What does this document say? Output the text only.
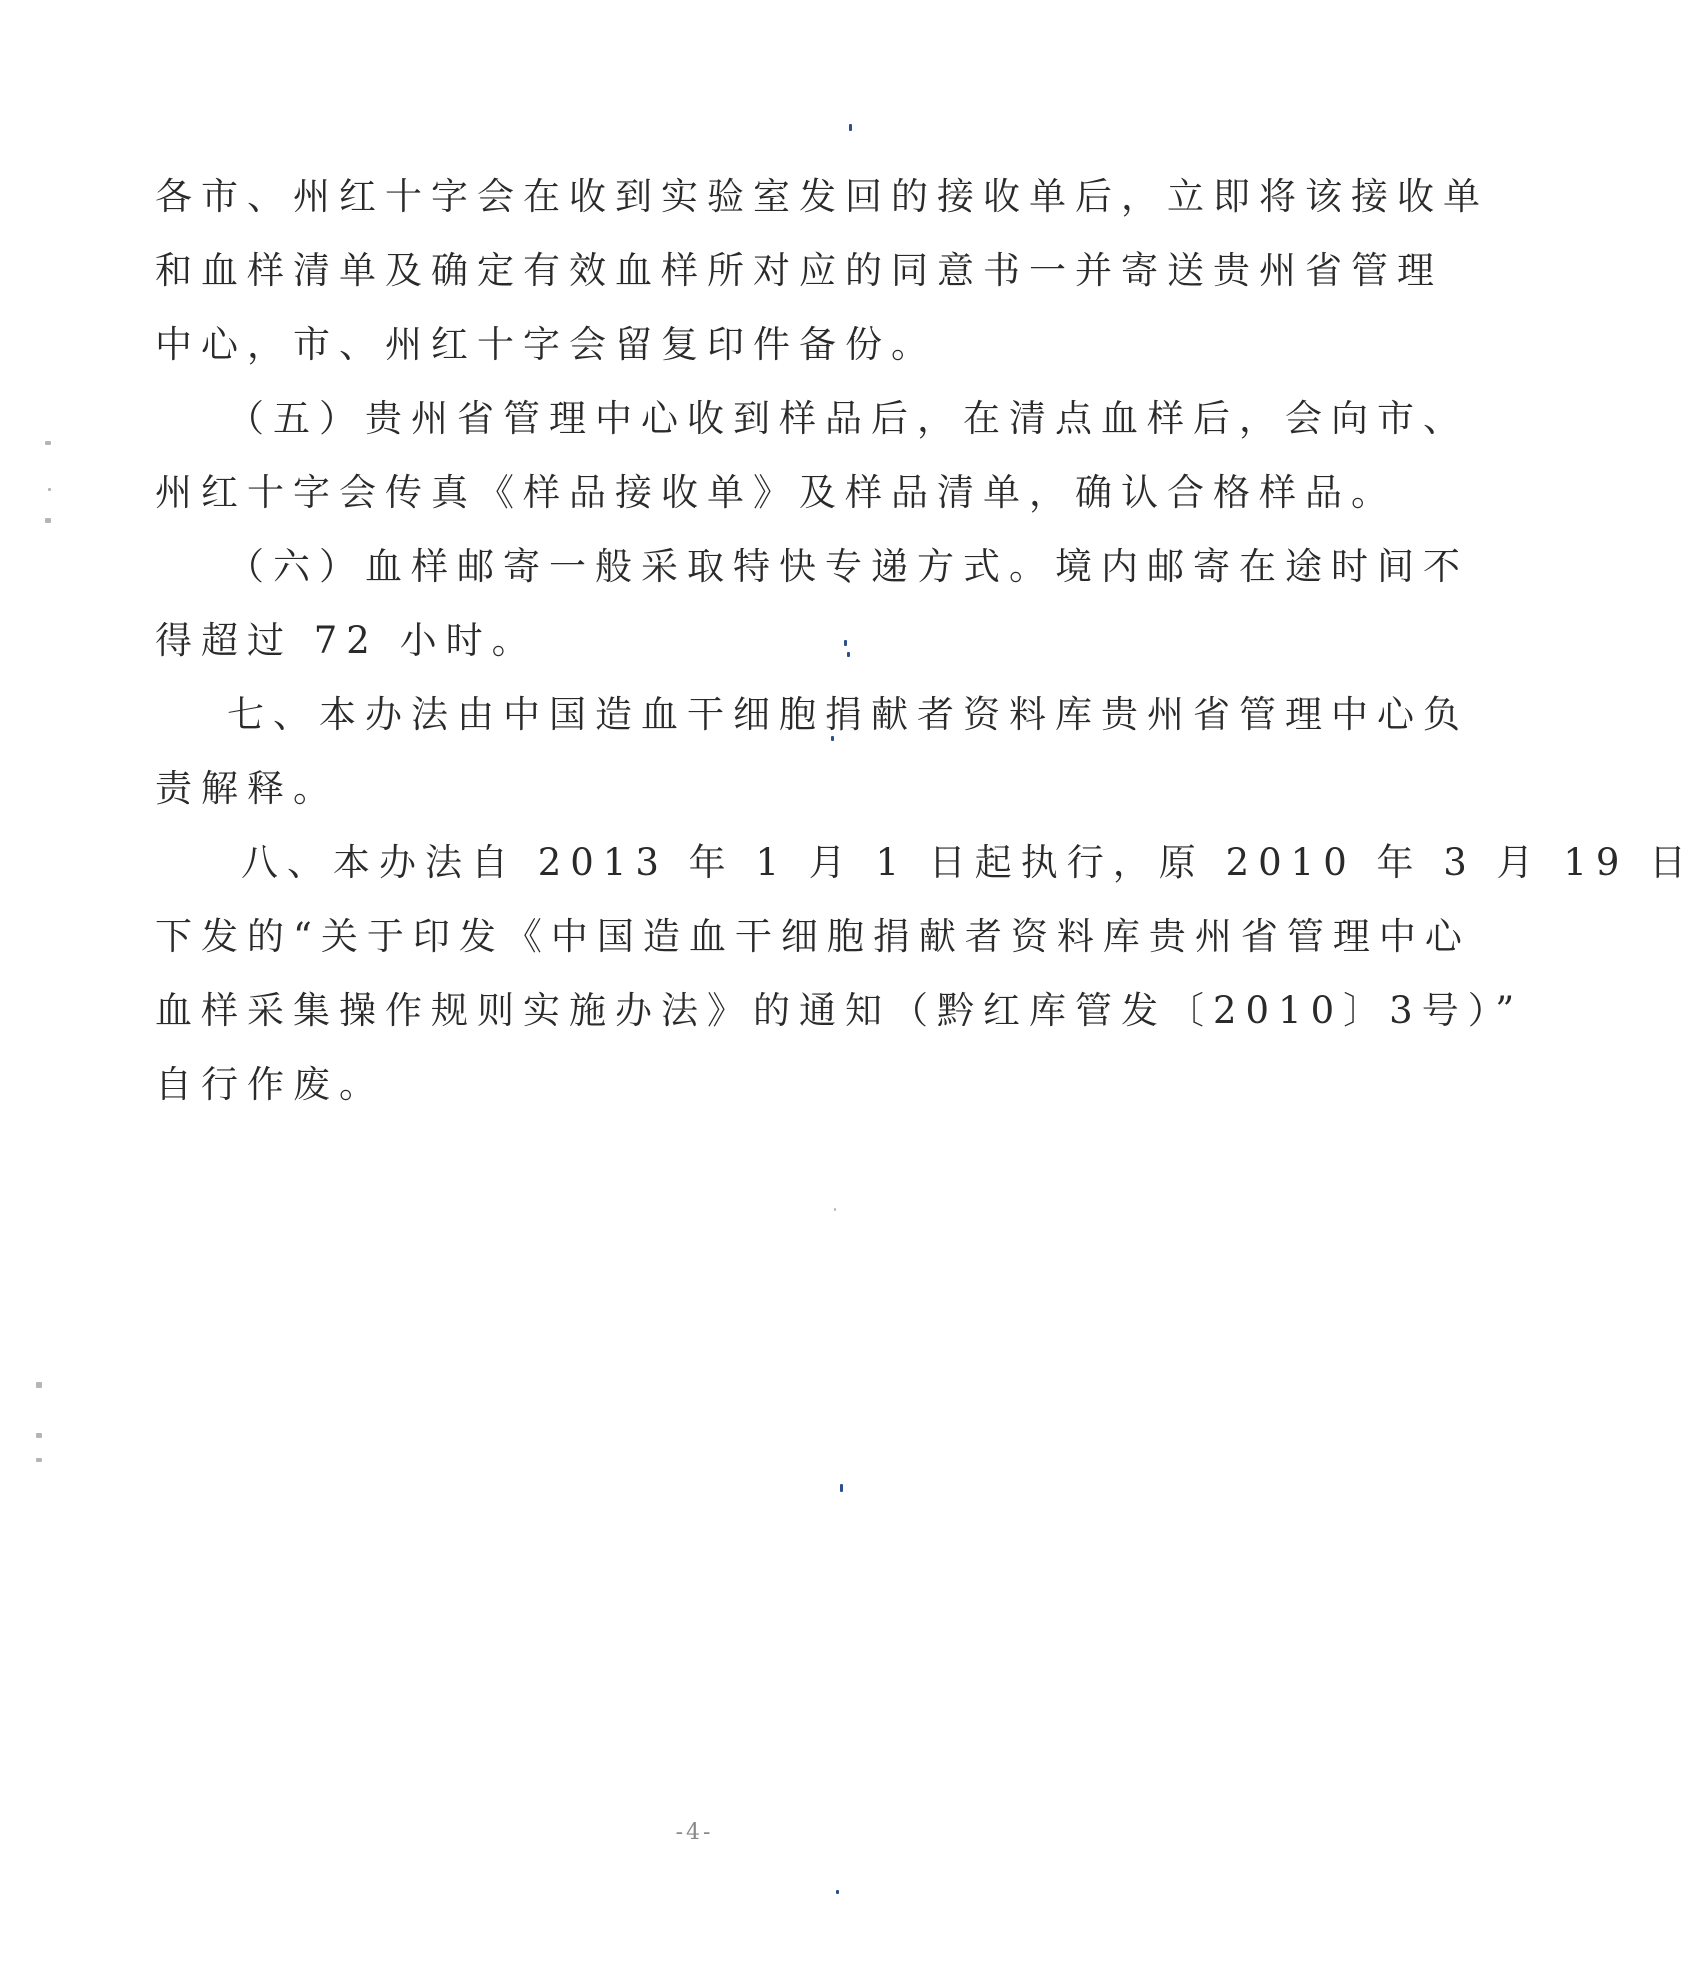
各市、州红十字会在收到实验室发回的接收单后，立即将该接收单
和血样清单及确定有效血样所对应的同意书一并寄送贵州省管理
中心，市、州红十字会留复印件备份。
（五）贵州省管理中心收到样品后，在清点血样后，会向市、
州红十字会传真《样品接收单》及样品清单，确认合格样品。
（六）血样邮寄一般采取特快专递方式。境内邮寄在途时间不
得超过 72 小时。
七、本办法由中国造血干细胞捐献者资料库贵州省管理中心负
责解释。
八、本办法自 2013 年 1 月 1 日起执行，原 2010 年 3 月 19 日
下发的“关于印发《中国造血干细胞捐献者资料库贵州省管理中心
血样采集操作规则实施办法》的通知（黔红库管发〔2010〕3号）”
自行作废。
-4-
